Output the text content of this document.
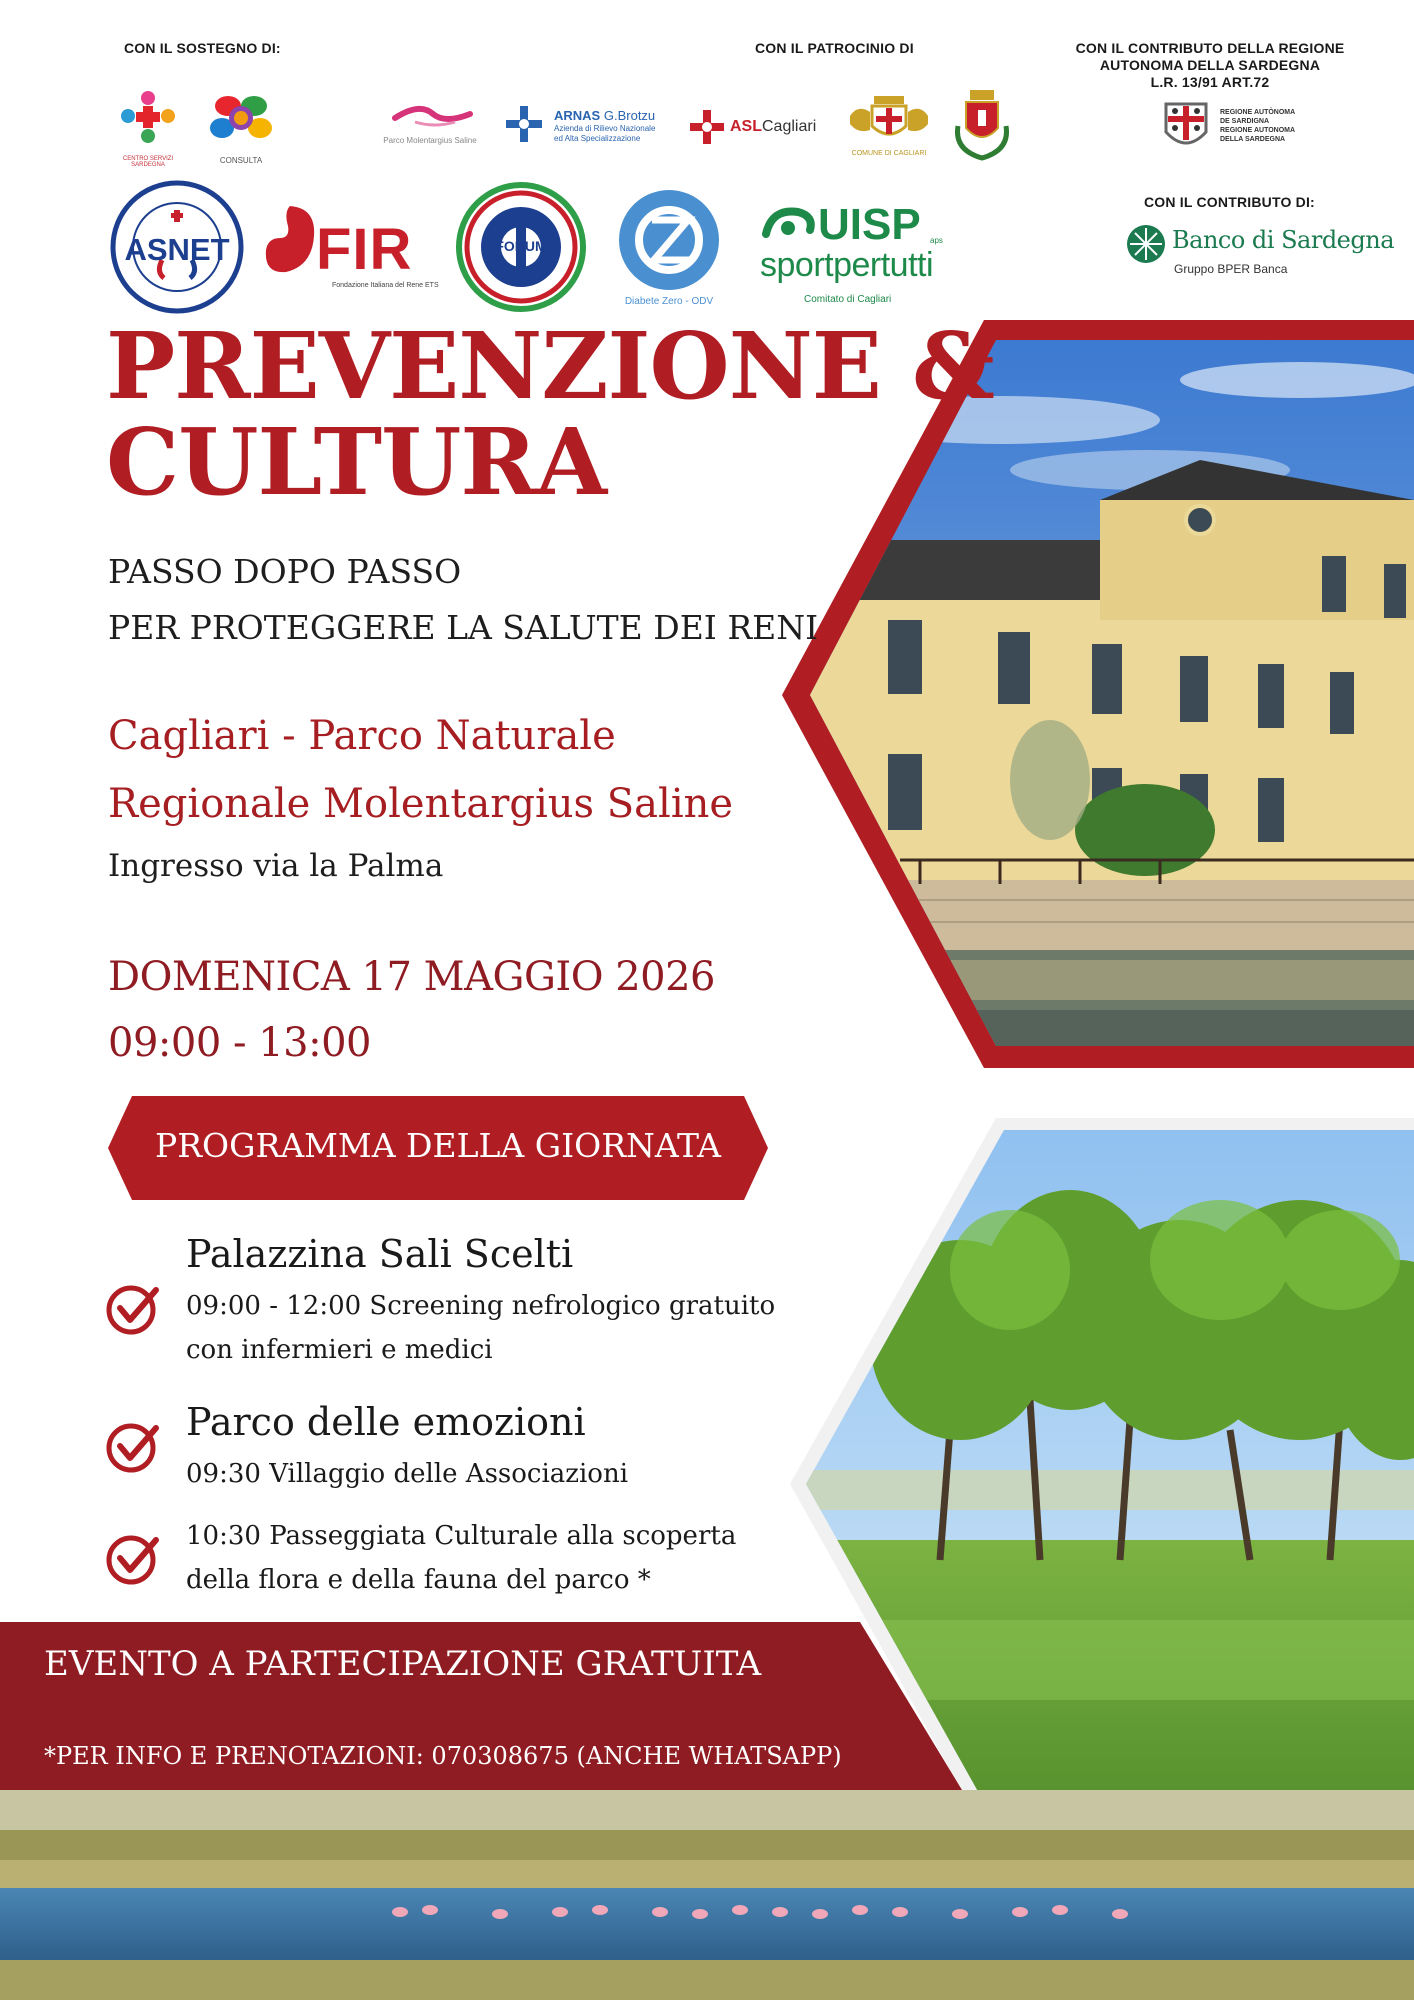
CON IL SOSTEGNO DI:	CON IL PATROCINIO DI	CON IL CONTRIBUTO DELLA REGIONE
AUTONOMA DELLA SARDEGNA
L.R. 13/91 ART.72
CENTRO SERVIZI SARDEGNA	CONSULTA
Parco Molentargius Saline
ARNAS G.Brotzu
Azienda di Rilievo Nazionale
ed Alta Specializzazione
ASLCagliari
COMUNE DI CAGLIARI
REGIONE AUTÒNOMA
DE SARDIGNA
REGIONE AUTONOMA
DELLA SARDEGNA
ASNET FIR
Fondazione Italiana del Rene ETS
FORUM
Diabete Zero - ODV
UISP aps
sportpertutti
Comitato di Cagliari
CON IL CONTRIBUTO DI:
Banco di Sardegna
Gruppo BPER Banca
PREVENZIONE &
CULTURA
PASSO DOPO PASSO
PER PROTEGGERE LA SALUTE DEI RENI
Cagliari - Parco Naturale
Regionale Molentargius Saline
Ingresso via la Palma
DOMENICA 17 MAGGIO 2026
09:00 - 13:00
PROGRAMMA DELLA GIORNATA
Palazzina Sali Scelti
09:00 - 12:00 Screening nefrologico gratuito
con infermieri e medici
Parco delle emozioni
09:30 Villaggio delle Associazioni
10:30 Passeggiata Culturale alla scoperta
della flora e della fauna del parco *
EVENTO A PARTECIPAZIONE GRATUITA
*PER INFO E PRENOTAZIONI: 070308675 (ANCHE WHATSAPP)
